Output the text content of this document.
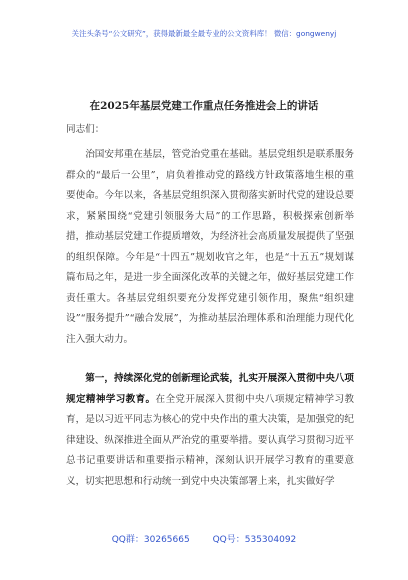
关注头条号“公文研究”，获得最新最全最专业的公文资料库！ 微信：gongwenyj
在2025年基层党建工作重点任务推进会上的讲话
同志们：

治国安邦重在基层，管党治党重在基础。基层党组织是联系服务群众的“最后一公里”，肩负着推动党的路线方针政策落地生根的重要使命。今年以来，各基层党组织深入贯彻落实新时代党的建设总要求，紧紧围绕“党建引领服务大局”的工作思路，积极探索创新举措，推动基层党建工作提质增效，为经济社会高质量发展提供了坚强的组织保障。今年是“十四五”规划收官之年，也是“十五五”规划谋篇布局之年，是进一步全面深化改革的关键之年，做好基层党建工作责任重大。各基层党组织要充分发挥党建引领作用，聚焦“组织建设”“服务提升”“融合发展”，为推动基层治理体系和治理能力现代化注入强大动力。

第一，持续深化党的创新理论武装，扎实开展深入贯彻中央八项规定精神学习教育。在全党开展深入贯彻中央八项规定精神学习教育，是以习近平同志为核心的党中央作出的重大决策，是加强党的纪律建设、纵深推进全面从严治党的重要举措。要认真学习贯彻习近平总书记重要讲话和重要指示精神，深刻认识开展学习教育的重要意义，切实把思想和行动统一到党中央决策部署上来，扎实做好学

QQ群：30265665	QQ号：535304092
